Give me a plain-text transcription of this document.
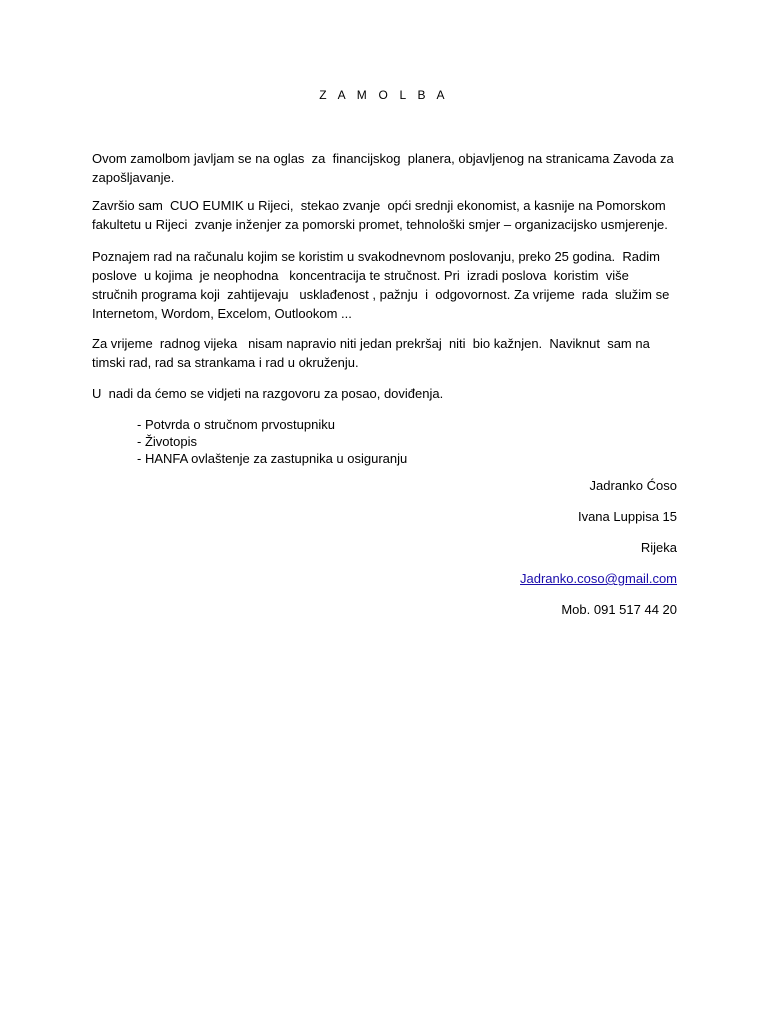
Z A M O L B A

Ovom zamolbom javljam se na oglas  za  financijskog  planera, objavljenog na stranicama Zavoda za zapošljavanje.

Završio sam  CUO EUMIK u Rijeci,  stekao zvanje  opći srednji ekonomist, a kasnije na Pomorskom fakultetu u Rijeci  zvanje inženjer za pomorski promet, tehnološki smjer – organizacijsko usmjerenje.

Poznajem rad na računalu kojim se koristim u svakodnevnom poslovanju, preko 25 godina.  Radim poslove  u kojima  je neophodna   koncentracija te stručnost. Pri  izradi poslova  koristim  više stručnih programa koji  zahtijevaju   usklađenost , pažnju  i  odgovornost. Za vrijeme  rada  služim se Internetom, Wordom, Excelom, Outlookom ...

Za vrijeme  radnog vijeka   nisam napravio niti jedan prekršaj  niti  bio kažnjen.  Naviknut  sam na timski rad, rad sa strankama i rad u okruženju.

U  nadi da ćemo se vidjeti na razgovoru za posao, doviđenja.

- Potvrda o stručnom prvostupniku
- Životopis
- HANFA ovlaštenje za zastupnika u osiguranju
Jadranko Ćoso
Ivana Luppisa 15
Rijeka
Jadranko.coso@gmail.com
Mob. 091 517 44 20
